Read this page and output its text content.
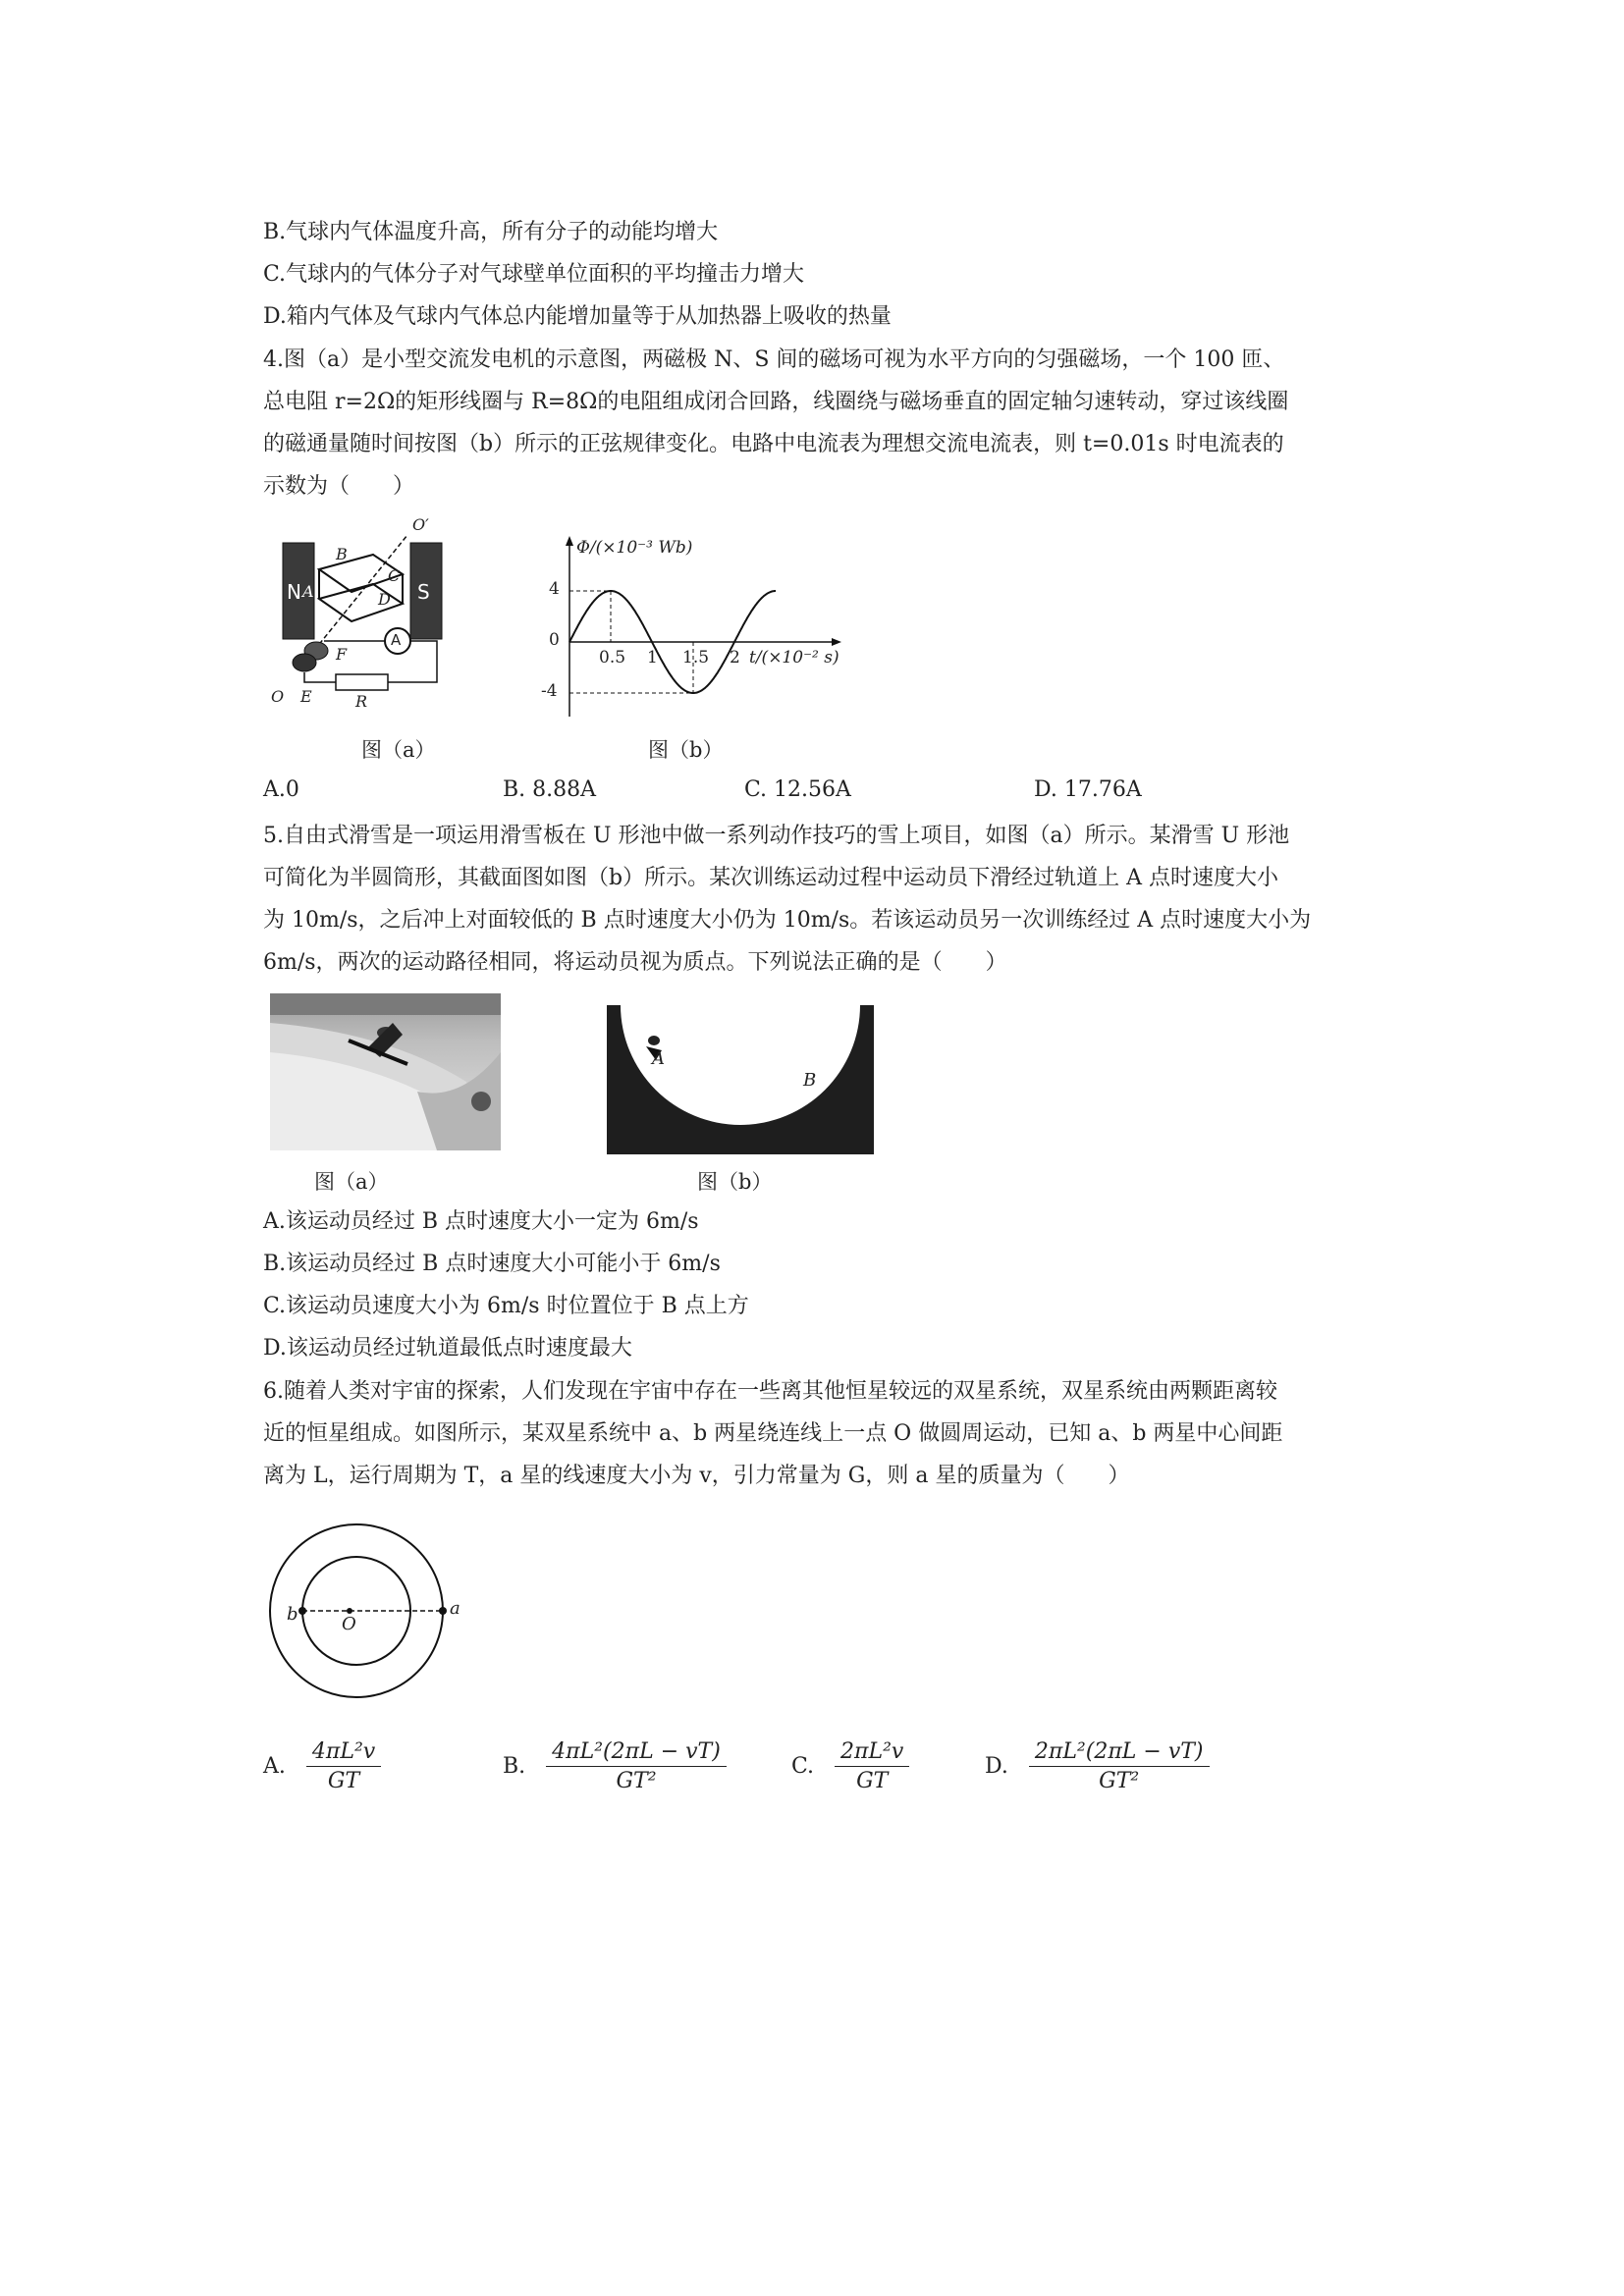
B.气球内气体温度升高，所有分子的动能均增大
C.气球内的气体分子对气球壁单位面积的平均撞击力增大
D.箱内气体及气球内气体总内能增加量等于从加热器上吸收的热量
4.图（a）是小型交流发电机的示意图，两磁极 N、S 间的磁场可视为水平方向的匀强磁场，一个 100 匝、
总电阻 r=2Ω的矩形线圈与 R=8Ω的电阻组成闭合回路，线圈绕与磁场垂直的固定轴匀速转动，穿过该线圈
的磁通量随时间按图（b）所示的正弦规律变化。电路中电流表为理想交流电流表，则 t=0.01s 时电流表的
示数为（　　）
N	S
A
B
C
D
O′
O E
F
R
A
图（a）
Φ/(×10⁻³ Wb)
4
0
-4
0.5 1 1.5 2 t/(×10⁻² s)
图（b）
A.0	B. 8.88A	C. 12.56A	D. 17.76A
5.自由式滑雪是一项运用滑雪板在 U 形池中做一系列动作技巧的雪上项目，如图（a）所示。某滑雪 U 形池
可简化为半圆筒形，其截面图如图（b）所示。某次训练运动过程中运动员下滑经过轨道上 A 点时速度大小
为 10m/s，之后冲上对面较低的 B 点时速度大小仍为 10m/s。若该运动员另一次训练经过 A 点时速度大小为
6m/s，两次的运动路径相同，将运动员视为质点。下列说法正确的是（　　）
图（a）
A
B
图（b）
A.该运动员经过 B 点时速度大小一定为 6m/s
B.该运动员经过 B 点时速度大小可能小于 6m/s
C.该运动员速度大小为 6m/s 时位置位于 B 点上方
D.该运动员经过轨道最低点时速度最大
6.随着人类对宇宙的探索，人们发现在宇宙中存在一些离其他恒星较远的双星系统，双星系统由两颗距离较
近的恒星组成。如图所示，某双星系统中 a、b 两星绕连线上一点 O 做圆周运动，已知 a、b 两星中心间距
离为 L，运行周期为 T，a 星的线速度大小为 v，引力常量为 G，则 a 星的质量为（　　）
b	a
O
A. $\frac{\text{4πL²v}}{GT}$	B. $\frac{\text{4πL²(2πL − vT)}}{\text{GT²}}$	C. $\frac{\text{2πL²v}}{GT}$	D. $\frac{\text{2πL²(2πL − vT)}}{\text{GT²}}$
